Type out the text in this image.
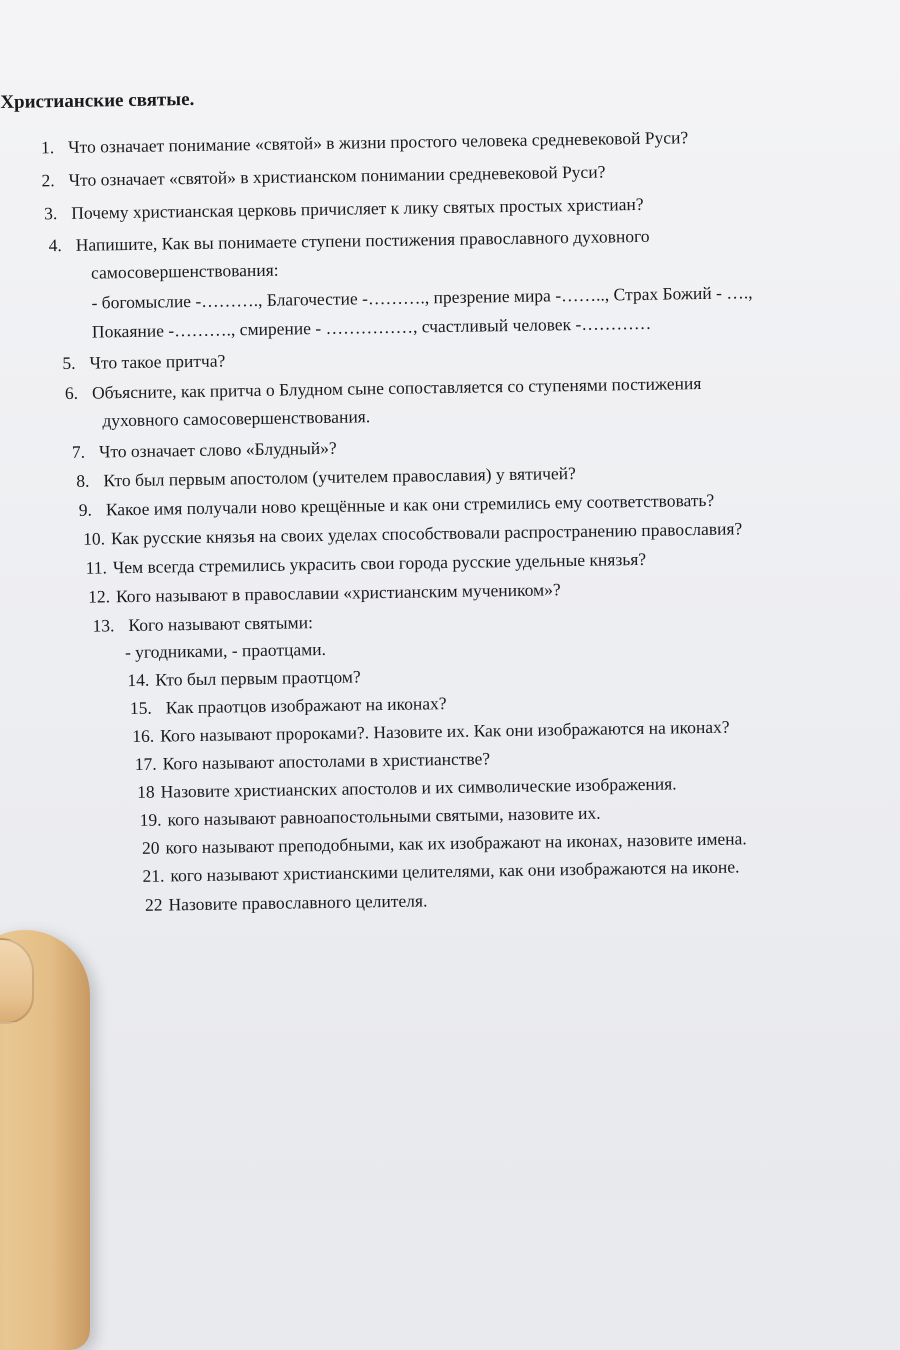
Христианские святые.
1. Что означает понимание «святой» в жизни простого человека средневековой Руси?
2. Что означает «святой» в христианском понимании средневековой Руси?
3. Почему христианская церковь причисляет к лику святых простых христиан?
4. Напишите, Как вы понимаете ступени постижения православного духовного
самосовершенствования:
- богомыслие -………., Благочестие -………., презрение мира -…….., Страх Божий - ….,
Покаяние -………., смирение - ……………, счастливый человек -…………
5. Что такое притча?
6. Объясните, как притча о Блудном сыне сопоставляется со ступенями постижения
духовного самосовершенствования.
7. Что означает слово «Блудный»?
8. Кто был первым апостолом (учителем православия) у вятичей?
9. Какое имя получали ново крещённые и как они стремились ему соответствовать?
10. Как русские князья на своих уделах способствовали распространению православия?
11. Чем всегда стремились украсить свои города русские удельные князья?
12. Кого называют в православии «христианским мучеником»?
13. Кого называют святыми:
- угодниками, - праотцами.
14. Кто был первым праотцом?
15. Как праотцов изображают на иконах?
16. Кого называют пророками?. Назовите их. Как они изображаются на иконах?
17. Кого называют апостолами в христианстве?
18 Назовите христианских апостолов и их символические изображения.
19. кого называют равноапостольными святыми, назовите их.
20 кого называют преподобными, как их изображают на иконах, назовите имена.
21. кого называют христианскими целителями, как они изображаются на иконе.
22 Назовите православного целителя.
